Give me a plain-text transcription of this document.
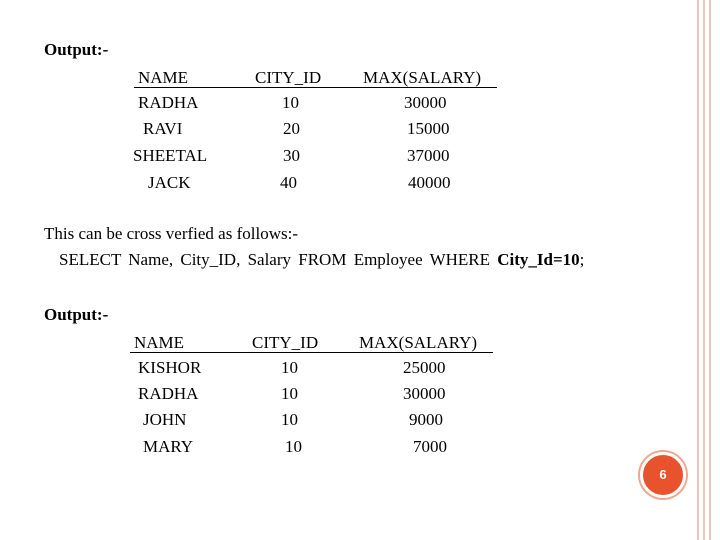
Output:-
NAME	CITY_ID MAX(SALARY)
RADHA	10	30000
RAVI	20	15000
SHEETAL	30	37000
JACK	40	40000
This can be cross verfied as follows:-
SELECT Name, City_ID, Salary FROM Employee WHERE City_Id=10;
Output:-
NAME	CITY_ID MAX(SALARY)
KISHOR	10	25000
RADHA	10	30000
JOHN	10	9000
MARY	10	7000
6
